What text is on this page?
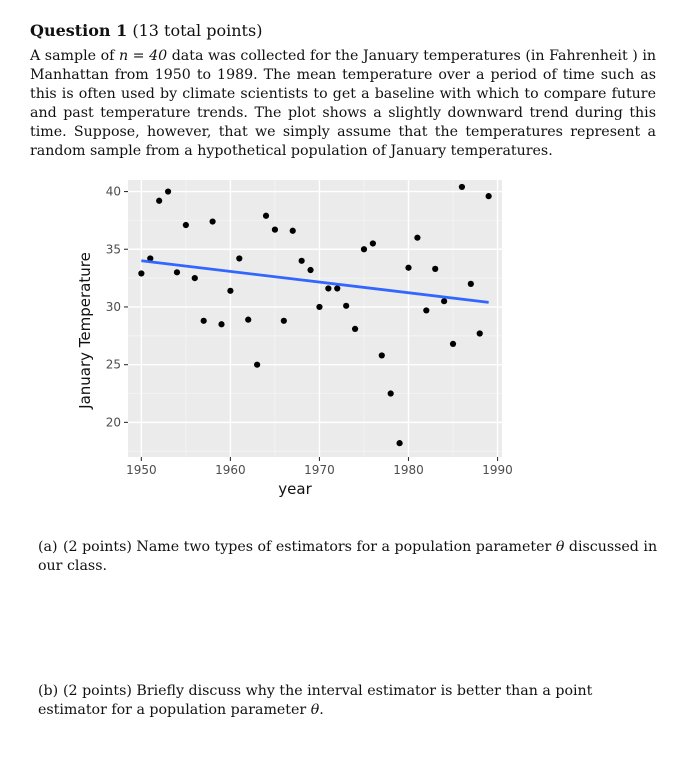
Question 1 (13 total points)
A sample of n = 40 data was collected for the January temperatures (in Fahrenheit ) in Manhattan from 1950 to 1989. The mean temperature over a period of time such as this is often used by climate scientists to get a baseline with which to compare future and past temperature trends. The plot shows a slightly downward trend during this time. Suppose, however, that we simply assume that the temperatures represent a random sample from a hypothetical population of January temperatures.
1950	1960	1970	1980	1990
20
25
30
35
40
year
January Temperature
(a) (2 points) Name two types of estimators for a population parameter θ discussed in our class.
(b) (2 points) Briefly discuss why the interval estimator is better than a point estimator for a population parameter θ.
